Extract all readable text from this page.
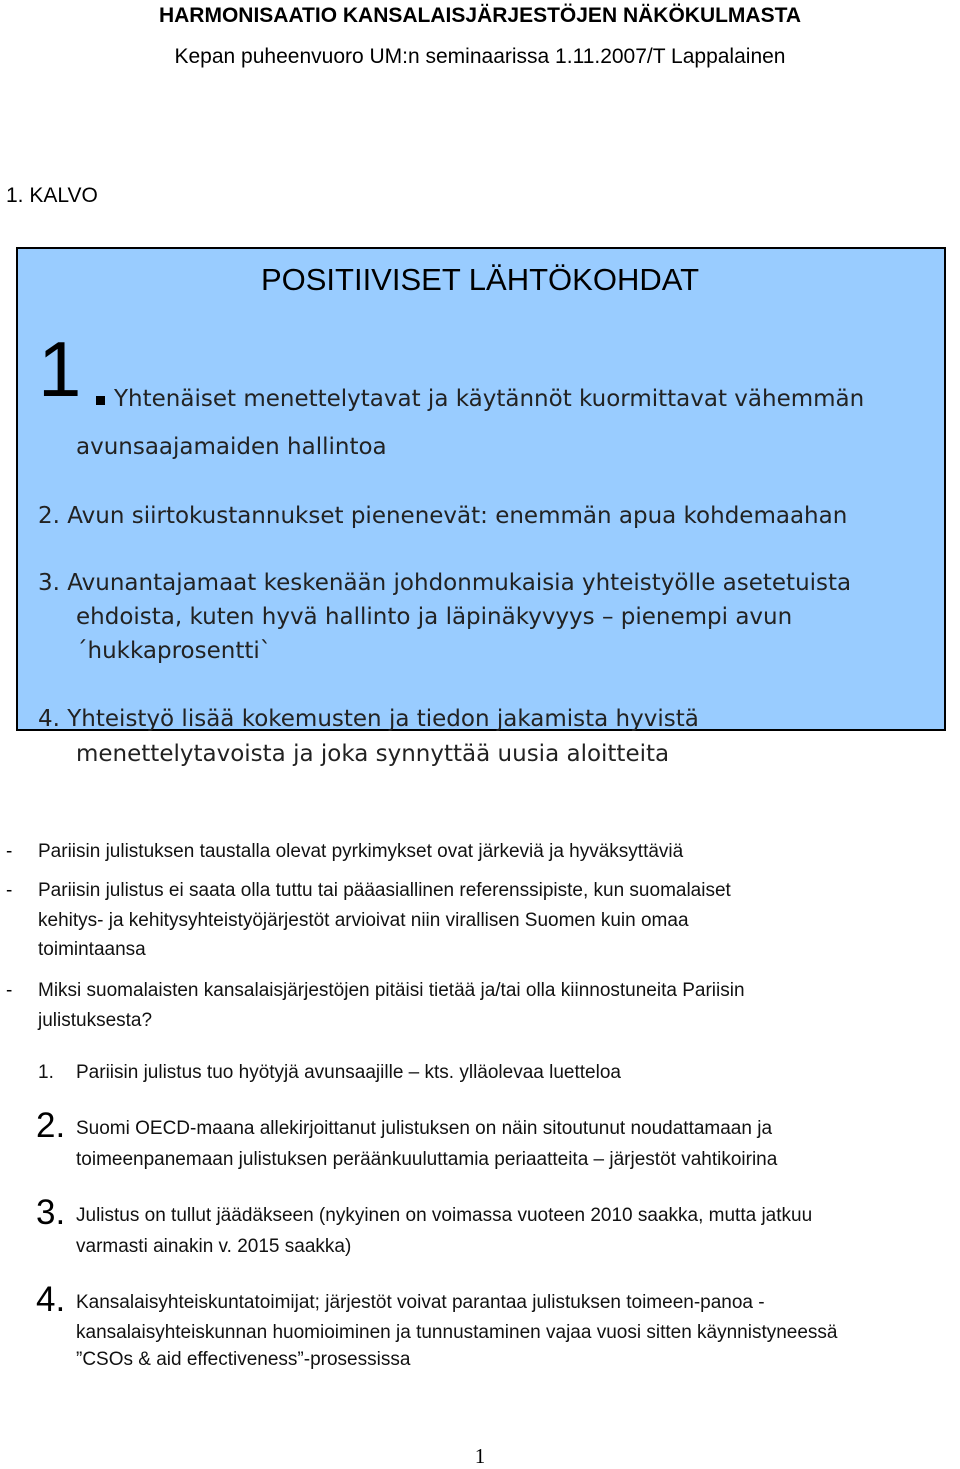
HARMONISAATIO KANSALAISJÄRJESTÖJEN NÄKÖKULMASTA
Kepan puheenvuoro UM:n seminaarissa 1.11.2007/T Lappalainen
1. KALVO
POSITIIVISET LÄHTÖKOHDAT
1 Yhtenäiset menettelytavat ja käytännöt kuormittavat vähemmän
avunsaajamaiden hallintoa
2. Avun siirtokustannukset pienenevät: enemmän apua kohdemaahan
3. Avunantajamaat keskenään johdonmukaisia yhteistyölle asetetuista
ehdoista, kuten hyvä hallinto ja läpinäkyvyys – pienempi avun
´hukkaprosentti`
4. Yhteistyö lisää kokemusten ja tiedon jakamista hyvistä
menettelytavoista ja joka synnyttää uusia aloitteita
- Pariisin julistuksen taustalla olevat pyrkimykset ovat järkeviä ja hyväksyttäviä
- Pariisin julistus ei saata olla tuttu tai pääasiallinen referenssipiste, kun suomalaiset
kehitys- ja kehitysyhteistyöjärjestöt arvioivat niin virallisen Suomen kuin omaa
toimintaansa
- Miksi suomalaisten kansalaisjärjestöjen pitäisi tietää ja/tai olla kiinnostuneita Pariisin
julistuksesta?
1. Pariisin julistus tuo hyötyjä avunsaajille – kts. ylläolevaa luetteloa
2. Suomi OECD-maana allekirjoittanut julistuksen on näin sitoutunut noudattamaan ja
toimeenpanemaan julistuksen peräänkuuluttamia periaatteita – järjestöt vahtikoirina
3. Julistus on tullut jäädäkseen (nykyinen on voimassa vuoteen 2010 saakka, mutta jatkuu
varmasti ainakin v. 2015 saakka)
4. Kansalaisyhteiskuntatoimijat; järjestöt voivat parantaa julistuksen toimeen-panoa -
kansalaisyhteiskunnan huomioiminen ja tunnustaminen vajaa vuosi sitten käynnistyneessä
”CSOs & aid effectiveness”-prosessissa
1
